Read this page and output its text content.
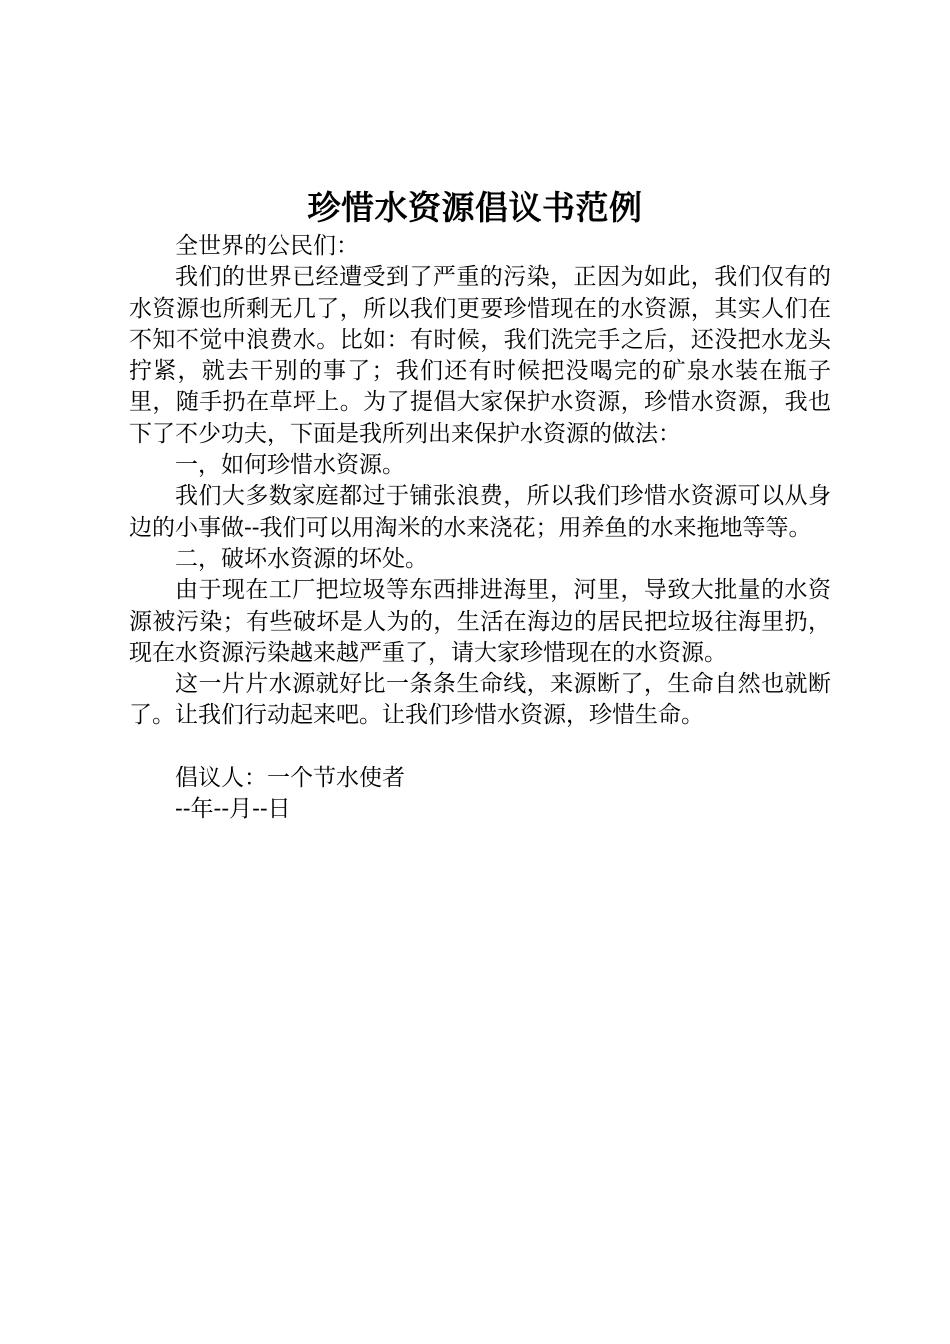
珍惜水资源倡议书范例

全世界的公民们：

我们的世界已经遭受到了严重的污染，正因为如此，我们仅有的水资源也所剩无几了，所以我们更要珍惜现在的水资源，其实人们在不知不觉中浪费水。比如：有时候，我们洗完手之后，还没把水龙头拧紧，就去干别的事了；我们还有时候把没喝完的矿泉水装在瓶子里，随手扔在草坪上。为了提倡大家保护水资源，珍惜水资源，我也下了不少功夫，下面是我所列出来保护水资源的做法：

一，如何珍惜水资源。

我们大多数家庭都过于铺张浪费，所以我们珍惜水资源可以从身边的小事做--我们可以用淘米的水来浇花；用养鱼的水来拖地等等。

二，破坏水资源的坏处。

由于现在工厂把垃圾等东西排进海里，河里，导致大批量的水资源被污染；有些破坏是人为的，生活在海边的居民把垃圾往海里扔，现在水资源污染越来越严重了，请大家珍惜现在的水资源。

这一片片水源就好比一条条生命线，来源断了，生命自然也就断了。让我们行动起来吧。让我们珍惜水资源，珍惜生命。

倡议人：一个节水使者

--年--月--日
